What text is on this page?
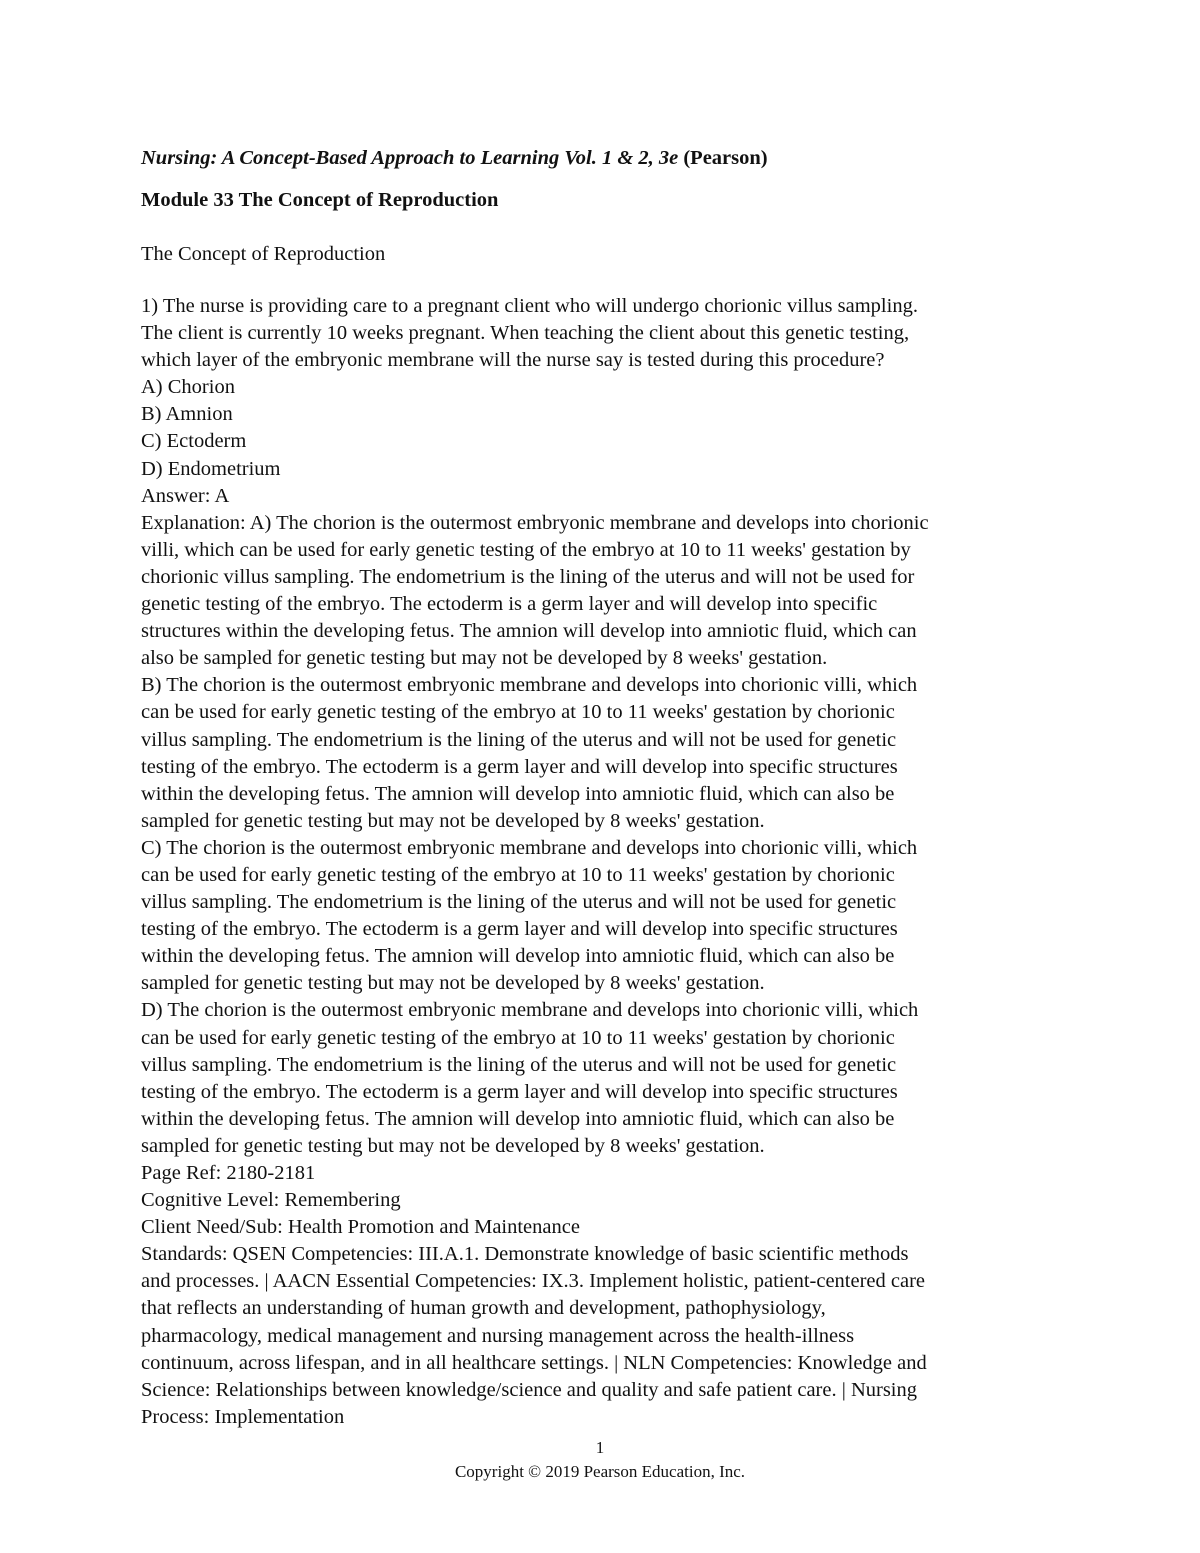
Nursing: A Concept-Based Approach to Learning Vol. 1 & 2, 3e (Pearson)
Module 33 The Concept of Reproduction
The Concept of Reproduction
1) The nurse is providing care to a pregnant client who will undergo chorionic villus sampling.
The client is currently 10 weeks pregnant. When teaching the client about this genetic testing,
which layer of the embryonic membrane will the nurse say is tested during this procedure?
A) Chorion
B) Amnion
C) Ectoderm
D) Endometrium
Answer: A
Explanation: A) The chorion is the outermost embryonic membrane and develops into chorionic
villi, which can be used for early genetic testing of the embryo at 10 to 11 weeks' gestation by
chorionic villus sampling. The endometrium is the lining of the uterus and will not be used for
genetic testing of the embryo. The ectoderm is a germ layer and will develop into specific
structures within the developing fetus. The amnion will develop into amniotic fluid, which can
also be sampled for genetic testing but may not be developed by 8 weeks' gestation.
B) The chorion is the outermost embryonic membrane and develops into chorionic villi, which
can be used for early genetic testing of the embryo at 10 to 11 weeks' gestation by chorionic
villus sampling. The endometrium is the lining of the uterus and will not be used for genetic
testing of the embryo. The ectoderm is a germ layer and will develop into specific structures
within the developing fetus. The amnion will develop into amniotic fluid, which can also be
sampled for genetic testing but may not be developed by 8 weeks' gestation.
C) The chorion is the outermost embryonic membrane and develops into chorionic villi, which
can be used for early genetic testing of the embryo at 10 to 11 weeks' gestation by chorionic
villus sampling. The endometrium is the lining of the uterus and will not be used for genetic
testing of the embryo. The ectoderm is a germ layer and will develop into specific structures
within the developing fetus. The amnion will develop into amniotic fluid, which can also be
sampled for genetic testing but may not be developed by 8 weeks' gestation.
D) The chorion is the outermost embryonic membrane and develops into chorionic villi, which
can be used for early genetic testing of the embryo at 10 to 11 weeks' gestation by chorionic
villus sampling. The endometrium is the lining of the uterus and will not be used for genetic
testing of the embryo. The ectoderm is a germ layer and will develop into specific structures
within the developing fetus. The amnion will develop into amniotic fluid, which can also be
sampled for genetic testing but may not be developed by 8 weeks' gestation.
Page Ref: 2180-2181
Cognitive Level: Remembering
Client Need/Sub: Health Promotion and Maintenance
Standards: QSEN Competencies: III.A.1. Demonstrate knowledge of basic scientific methods
and processes. | AACN Essential Competencies: IX.3. Implement holistic, patient-centered care
that reflects an understanding of human growth and development, pathophysiology,
pharmacology, medical management and nursing management across the health-illness
continuum, across lifespan, and in all healthcare settings. | NLN Competencies: Knowledge and
Science: Relationships between knowledge/science and quality and safe patient care. | Nursing
Process: Implementation
1
Copyright © 2019 Pearson Education, Inc.
